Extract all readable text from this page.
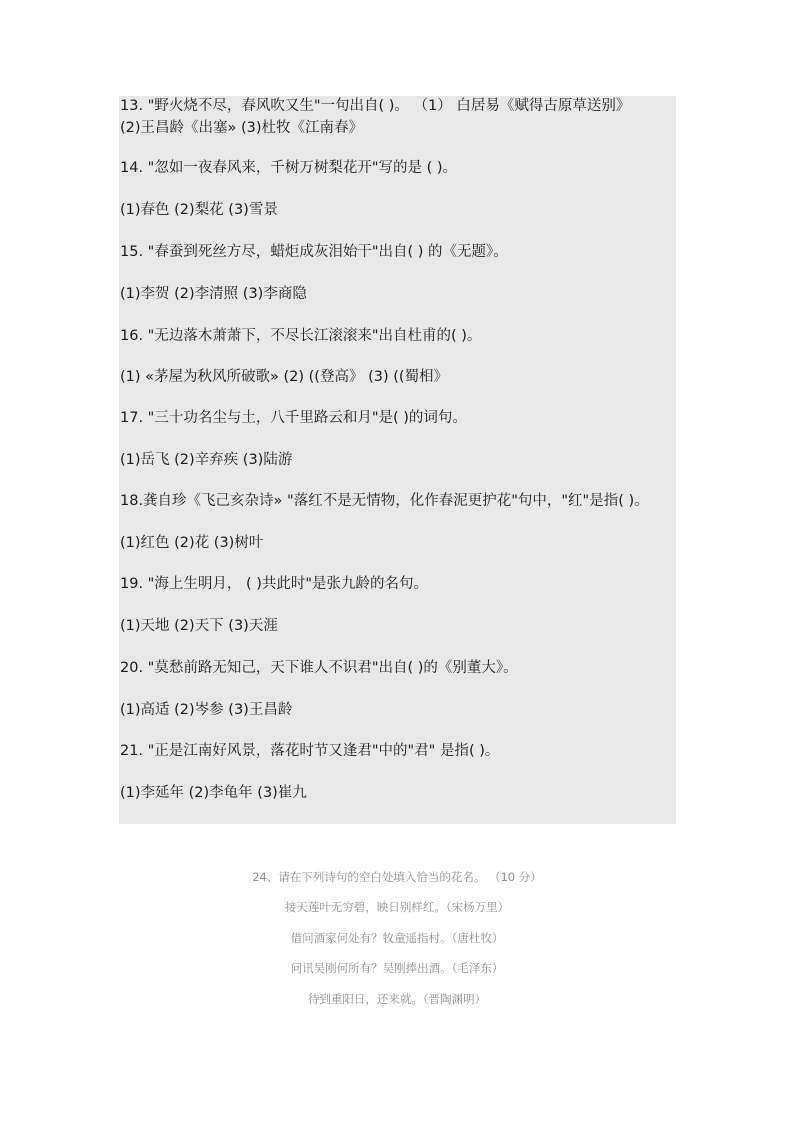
13. "野火烧不尽，春风吹又生"一句出自( )。 （1） 白居易《赋得古原草送别》
(2)王昌龄《出塞» (3)杜牧《江南春》
14. "忽如一夜春风来，千树万树梨花开"写的是 ( )。
(1)春色 (2)梨花 (3)雪景
15. "春蚕到死丝方尽，蜡炬成灰泪始干"出自( ) 的《无题》。
(1)李贺 (2)李清照 (3)李商隐
16. "无边落木萧萧下，不尽长江滚滚来"出自杜甫的( )。
(1) «茅屋为秋风所破歌» (2) ((登高》 (3) ((蜀相》
17. "三十功名尘与土，八千里路云和月"是( )的词句。
(1)岳飞 (2)辛弃疾 (3)陆游
18.龚自珍《飞己亥杂诗» "落红不是无情物，化作春泥更护花"句中，"红"是指( )。
(1)红色 (2)花 (3)树叶
19. "海上生明月， ( )共此时"是张九龄的名句。
(1)天地 (2)天下 (3)天涯
20. "莫愁前路无知己，天下谁人不识君"出自( )的《别董大》。
(1)高适 (2)岑参 (3)王昌龄
21. "正是江南好风景，落花时节又逢君"中的"君" 是指( )。
(1)李延年 (2)李龟年 (3)崔九
24、请在下列诗句的空白处填入恰当的花名。 （10 分）
接天莲叶无穷碧，映日别样红。（宋杨万里）
借问酒家何处有？牧童遥指村。（唐杜牧）
问讯吴刚何所有？吴刚捧出酒。（毛泽东）
待到重阳日，还来就。（晋陶渊明）
